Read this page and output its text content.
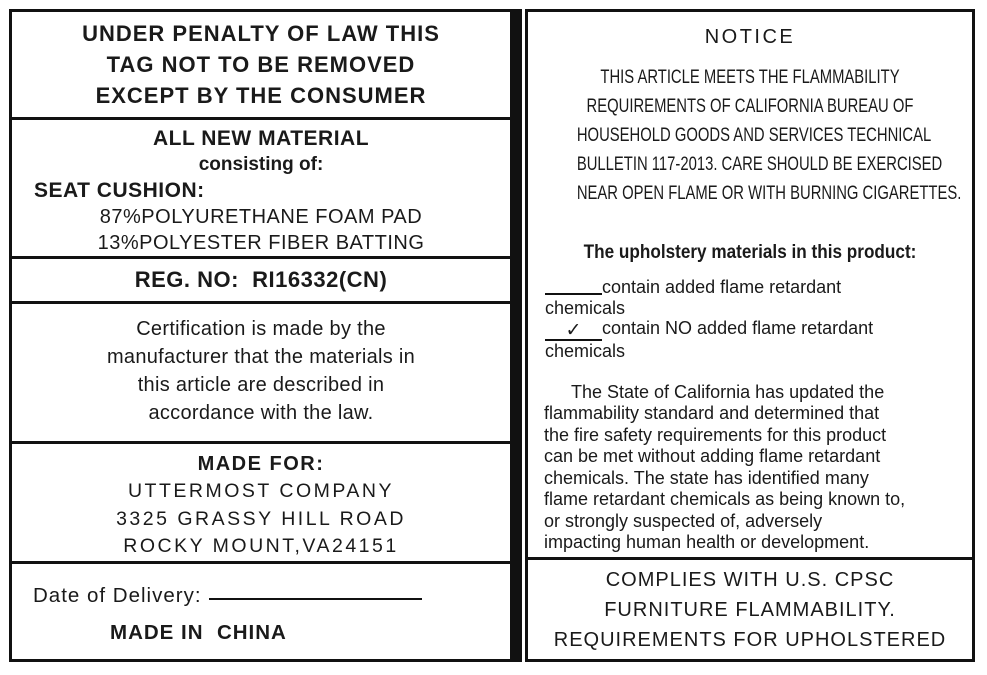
UNDER PENALTY OF LAW THIS
TAG NOT TO BE REMOVED
EXCEPT BY THE CONSUMER
ALL NEW MATERIAL
consisting of:
SEAT CUSHION:
87%POLYURETHANE FOAM PAD
13%POLYESTER FIBER BATTING
REG. NO:  RI16332(CN)
Certification is made by the
manufacturer that the materials in
this article are described in
accordance with the law.
MADE FOR:
UTTERMOST COMPANY
3325 GRASSY HILL ROAD
ROCKY MOUNT,VA24151
Date of Delivery:
MADE IN  CHINA
NOTICE
THIS ARTICLE MEETS THE FLAMMABILITY
REQUIREMENTS OF CALIFORNIA BUREAU OF
HOUSEHOLD GOODS AND SERVICES TECHNICAL
BULLETIN 117-2013. CARE SHOULD BE EXERCISED
NEAR OPEN FLAME OR WITH BURNING CIGARETTES.
The upholstery materials in this product:
contain added flame retardant
chemicals
✓ contain NO added flame retardant
chemicals
The State of California has updated the
flammability standard and determined that
the fire safety requirements for this product
can be met without adding flame retardant
chemicals. The state has identified many
flame retardant chemicals as being known to,
or strongly suspected of, adversely
impacting human health or development.
COMPLIES WITH U.S. CPSC
FURNITURE FLAMMABILITY.
REQUIREMENTS FOR UPHOLSTERED
